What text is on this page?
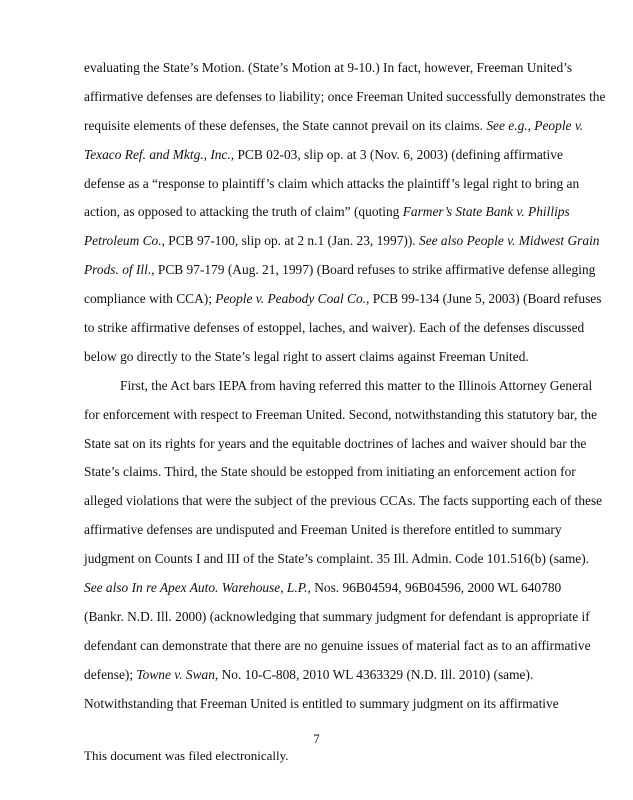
evaluating the State’s Motion. (State’s Motion at 9-10.) In fact, however, Freeman United’s
affirmative defenses are defenses to liability; once Freeman United successfully demonstrates the
requisite elements of these defenses, the State cannot prevail on its claims. See e.g., People v.
Texaco Ref. and Mktg., Inc., PCB 02-03, slip op. at 3 (Nov. 6, 2003) (defining affirmative
defense as a “response to plaintiff’s claim which attacks the plaintiff’s legal right to bring an
action, as opposed to attacking the truth of claim” (quoting Farmer’s State Bank v. Phillips
Petroleum Co., PCB 97-100, slip op. at 2 n.1 (Jan. 23, 1997)). See also People v. Midwest Grain
Prods. of Ill., PCB 97-179 (Aug. 21, 1997) (Board refuses to strike affirmative defense alleging
compliance with CCA); People v. Peabody Coal Co., PCB 99-134 (June 5, 2003) (Board refuses
to strike affirmative defenses of estoppel, laches, and waiver). Each of the defenses discussed
below go directly to the State’s legal right to assert claims against Freeman United.
First, the Act bars IEPA from having referred this matter to the Illinois Attorney General
for enforcement with respect to Freeman United. Second, notwithstanding this statutory bar, the
State sat on its rights for years and the equitable doctrines of laches and waiver should bar the
State’s claims. Third, the State should be estopped from initiating an enforcement action for
alleged violations that were the subject of the previous CCAs. The facts supporting each of these
affirmative defenses are undisputed and Freeman United is therefore entitled to summary
judgment on Counts I and III of the State’s complaint. 35 Ill. Admin. Code 101.516(b) (same).
See also In re Apex Auto. Warehouse, L.P., Nos. 96B04594, 96B04596, 2000 WL 640780
(Bankr. N.D. Ill. 2000) (acknowledging that summary judgment for defendant is appropriate if
defendant can demonstrate that there are no genuine issues of material fact as to an affirmative
defense); Towne v. Swan, No. 10-C-808, 2010 WL 4363329 (N.D. Ill. 2010) (same).
Notwithstanding that Freeman United is entitled to summary judgment on its affirmative
7
This document was filed electronically.
